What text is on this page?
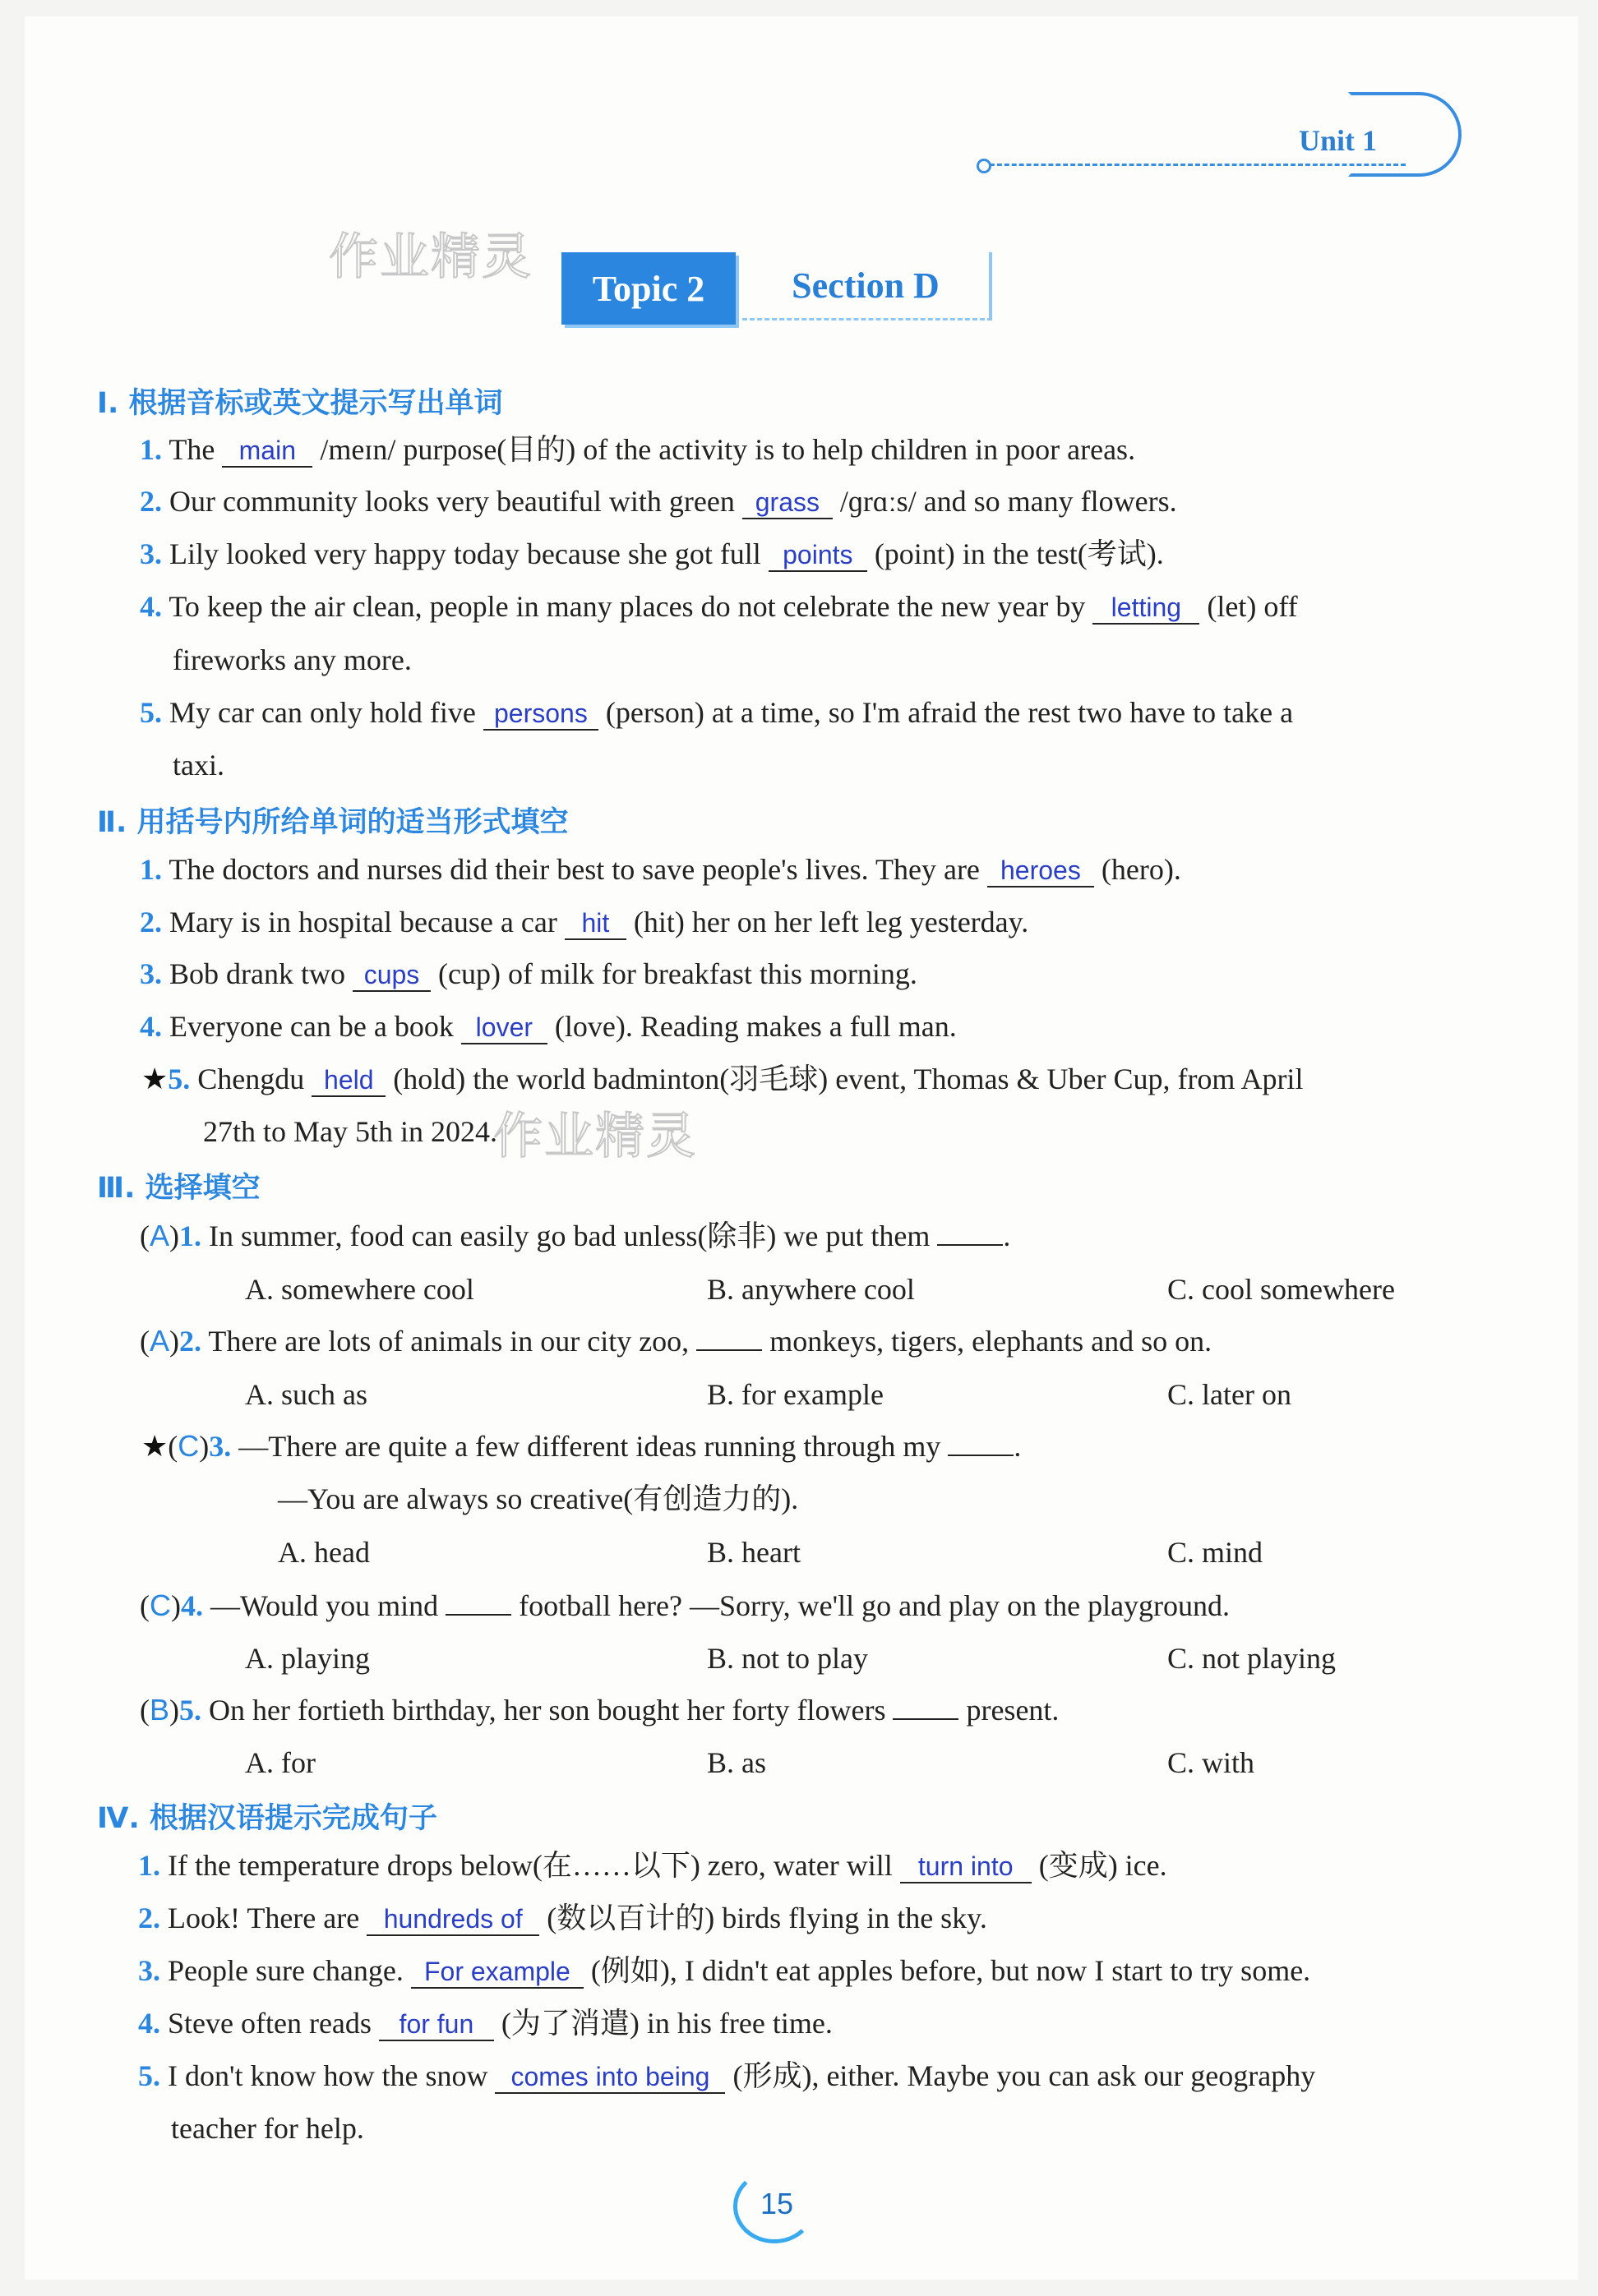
Unit 1
作业精灵
作业精灵
Topic 2	Section D
Ⅰ. 根据音标或英文提示写出单词
1. The main /meɪn/ purpose(目的) of the activity is to help children in poor areas.
2. Our community looks very beautiful with green grass /ɡrɑːs/ and so many flowers.
3. Lily looked very happy today because she got full points (point) in the test(考试).
4. To keep the air clean, people in many places do not celebrate the new year by letting (let) off
fireworks any more.
5. My car can only hold five persons (person) at a time, so I'm afraid the rest two have to take a
taxi.
Ⅱ. 用括号内所给单词的适当形式填空
1. The doctors and nurses did their best to save people's lives. They are heroes (hero).
2. Mary is in hospital because a car hit (hit) her on her left leg yesterday.
3. Bob drank two cups (cup) of milk for breakfast this morning.
4. Everyone can be a book lover (love). Reading makes a full man.
★5. Chengdu held (hold) the world badminton(羽毛球) event, Thomas & Uber Cup, from April
27th to May 5th in 2024.
Ⅲ. 选择填空
(A)1. In summer, food can easily go bad unless(除非) we put them .
A. somewhere cool	B. anywhere cool	C. cool somewhere
(A)2. There are lots of animals in our city zoo,	monkeys, tigers, elephants and so on.
A. such as	B. for example	C. later on
★(C)3. —There are quite a few different ideas running through my .
—You are always so creative(有创造力的).
A. head	B. heart	C. mind
(C)4. —Would you mind	football here? —Sorry, we'll go and play on the playground.
A. playing	B. not to play	C. not playing
(B)5. On her fortieth birthday, her son bought her forty flowers	present.
A. for	B. as	C. with
Ⅳ. 根据汉语提示完成句子
1. If the temperature drops below(在……以下) zero, water will turn into (变成) ice.
2. Look! There are hundreds of (数以百计的) birds flying in the sky.
3. People sure change. For example (例如), I didn't eat apples before, but now I start to try some.
4. Steve often reads for fun (为了消遣) in his free time.
5. I don't know how the snow comes into being (形成), either. Maybe you can ask our geography
teacher for help.
15
